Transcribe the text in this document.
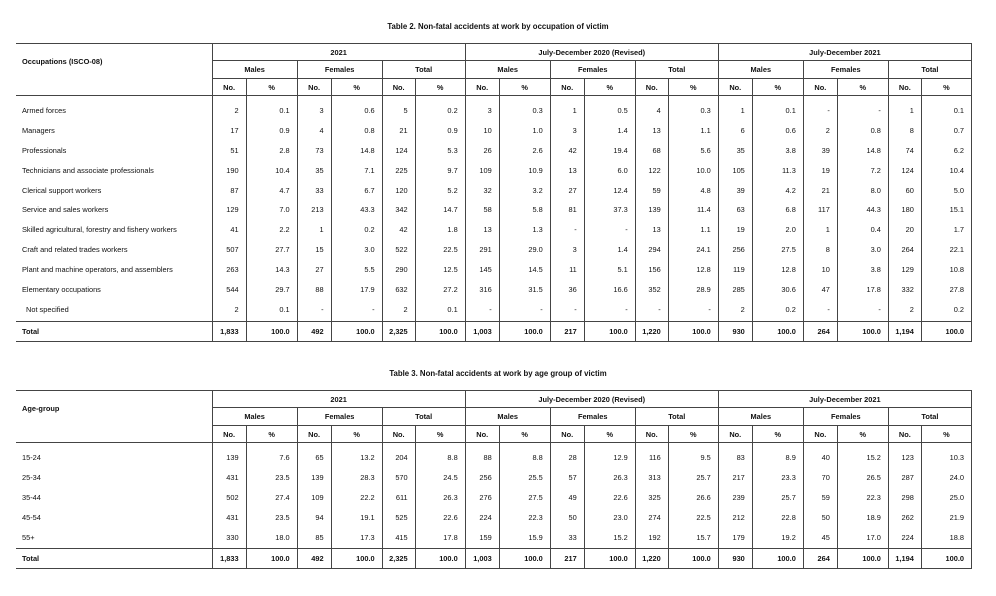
Table 2. Non-fatal accidents at work by occupation of victim
Occupations (ISCO-08)	2021						July-December 2020 (Revised)						July-December 2021					
	Males		Females		Total		Males		Females		Total		Males		Females		Total	
	No.	%	No.	%	No.	%	No.	%	No.	%	No.	%	No.	%	No.	%	No.	%

Armed forces	2	0.1	3	0.6	5	0.2	3	0.3	1	0.5	4	0.3	1	0.1	-	-	1	0.1
Managers	17	0.9	4	0.8	21	0.9	10	1.0	3	1.4	13	1.1	6	0.6	2	0.8	8	0.7
Professionals	51	2.8	73	14.8	124	5.3	26	2.6	42	19.4	68	5.6	35	3.8	39	14.8	74	6.2
Technicians and associate professionals	190	10.4	35	7.1	225	9.7	109	10.9	13	6.0	122	10.0	105	11.3	19	7.2	124	10.4
Clerical support workers	87	4.7	33	6.7	120	5.2	32	3.2	27	12.4	59	4.8	39	4.2	21	8.0	60	5.0
Service and sales workers	129	7.0	213	43.3	342	14.7	58	5.8	81	37.3	139	11.4	63	6.8	117	44.3	180	15.1
Skilled agricultural, forestry and fishery workers	41	2.2	1	0.2	42	1.8	13	1.3	-	-	13	1.1	19	2.0	1	0.4	20	1.7
Craft and related trades workers	507	27.7	15	3.0	522	22.5	291	29.0	3	1.4	294	24.1	256	27.5	8	3.0	264	22.1
Plant and machine operators, and assemblers	263	14.3	27	5.5	290	12.5	145	14.5	11	5.1	156	12.8	119	12.8	10	3.8	129	10.8
Elementary occupations	544	29.7	88	17.9	632	27.2	316	31.5	36	16.6	352	28.9	285	30.6	47	17.8	332	27.8
Not specified	2	0.1	-	-	2	0.1	-	-	-	-	-	-	2	0.2	-	-	2	0.2

Total	1,833	100.0	492	100.0	2,325	100.0	1,003	100.0	217	100.0	1,220	100.0	930	100.0	264	100.0	1,194	100.0
Table 3. Non-fatal accidents at work by age group of victim
Age-group	2021						July-December 2020 (Revised)						July-December 2021					
	Males		Females		Total		Males		Females		Total		Males		Females		Total	
	No.	%	No.	%	No.	%	No.	%	No.	%	No.	%	No.	%	No.	%	No.	%

15-24	139	7.6	65	13.2	204	8.8	88	8.8	28	12.9	116	9.5	83	8.9	40	15.2	123	10.3
25-34	431	23.5	139	28.3	570	24.5	256	25.5	57	26.3	313	25.7	217	23.3	70	26.5	287	24.0
35-44	502	27.4	109	22.2	611	26.3	276	27.5	49	22.6	325	26.6	239	25.7	59	22.3	298	25.0
45-54	431	23.5	94	19.1	525	22.6	224	22.3	50	23.0	274	22.5	212	22.8	50	18.9	262	21.9
55+	330	18.0	85	17.3	415	17.8	159	15.9	33	15.2	192	15.7	179	19.2	45	17.0	224	18.8

Total	1,833	100.0	492	100.0	2,325	100.0	1,003	100.0	217	100.0	1,220	100.0	930	100.0	264	100.0	1,194	100.0
